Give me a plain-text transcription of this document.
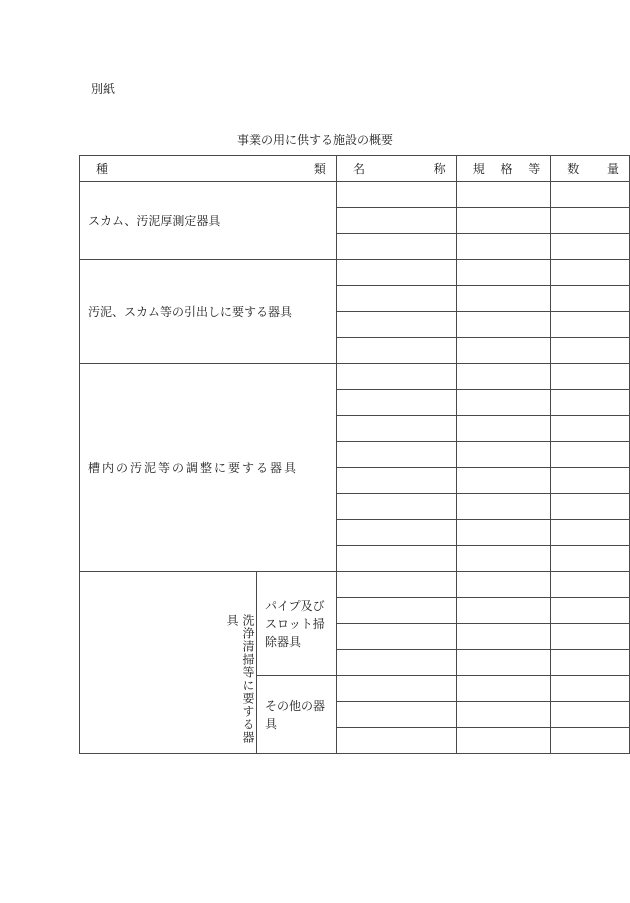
別紙
事業の用に供する施設の概要
種 類		名 称	規 格 等	数 量

スカム、汚泥厚測定器具				

汚泥、スカム等の引出しに要する器具				

槽内の汚泥等の調整に要する器具				

洗浄清掃等に要する器具	パイプ及びスロット掃除器具			

	その他の器具			
